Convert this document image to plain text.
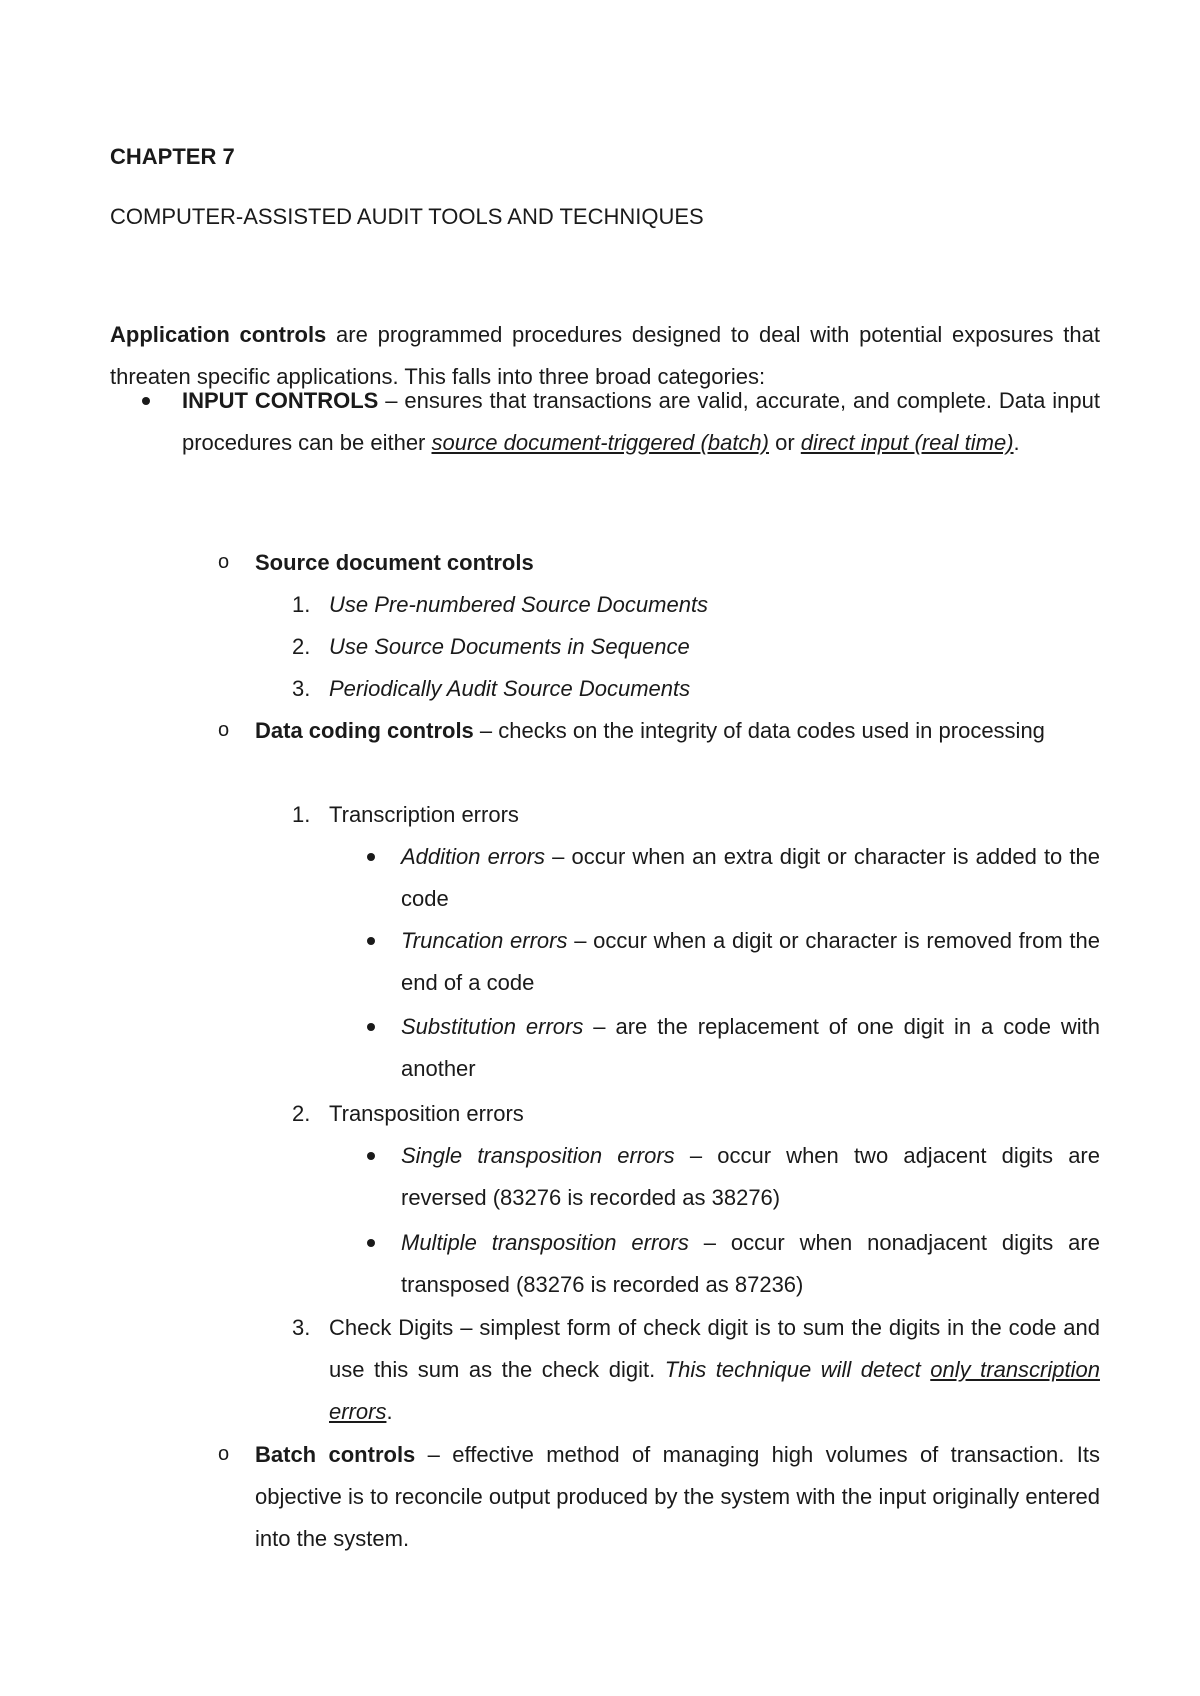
CHAPTER 7
COMPUTER-ASSISTED AUDIT TOOLS AND TECHNIQUES
Application controls are programmed procedures designed to deal with potential exposures that threaten specific applications. This falls into three broad categories:
INPUT CONTROLS – ensures that transactions are valid, accurate, and complete. Data input procedures can be either source document-triggered (batch) or direct input (real time).
o Source document controls
1. Use Pre-numbered Source Documents
2. Use Source Documents in Sequence
3. Periodically Audit Source Documents
o Data coding controls – checks on the integrity of data codes used in processing
1. Transcription errors
Addition errors – occur when an extra digit or character is added to the code
Truncation errors – occur when a digit or character is removed from the end of a code
Substitution errors – are the replacement of one digit in a code with another
2. Transposition errors
Single transposition errors – occur when two adjacent digits are reversed (83276 is recorded as 38276)
Multiple transposition errors – occur when nonadjacent digits are transposed (83276 is recorded as 87236)
3. Check Digits – simplest form of check digit is to sum the digits in the code and use this sum as the check digit. This technique will detect only transcription errors.
o Batch controls – effective method of managing high volumes of transaction. Its objective is to reconcile output produced by the system with the input originally entered into the system.
